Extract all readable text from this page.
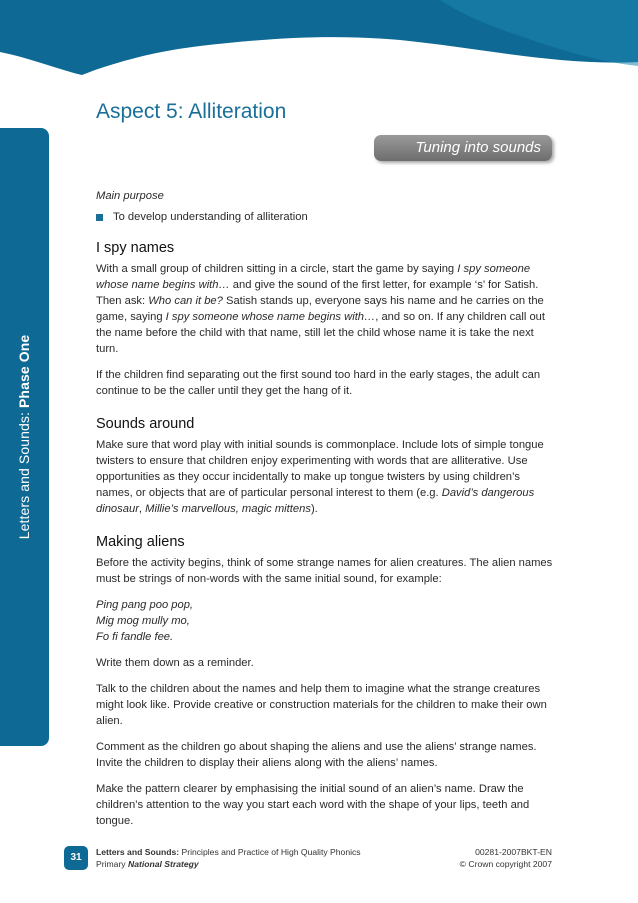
Letters and Sounds: Phase One
Aspect 5: Alliteration
Tuning into sounds

Main purpose

To develop understanding of alliteration
I spy names

With a small group of children sitting in a circle, start the game by saying I spy someone whose name begins with… and give the sound of the first letter, for example ‘s’ for Satish. Then ask: Who can it be? Satish stands up, everyone says his name and he carries on the game, saying I spy someone whose name begins with…, and so on. If any children call out the name before the child with that name, still let the child whose name it is take the next turn.

If the children find separating out the first sound too hard in the early stages, the adult can continue to be the caller until they get the hang of it.

Sounds around

Make sure that word play with initial sounds is commonplace. Include lots of simple tongue twisters to ensure that children enjoy experimenting with words that are alliterative. Use opportunities as they occur incidentally to make up tongue twisters by using children’s names, or objects that are of particular personal interest to them (e.g. David’s dangerous dinosaur, Millie’s marvellous, magic mittens).

Making aliens

Before the activity begins, think of some strange names for alien creatures. The alien names must be strings of non-words with the same initial sound, for example:

Ping pang poo pop,
Mig mog mully mo,
Fo fi fandle fee.

Write them down as a reminder.

Talk to the children about the names and help them to imagine what the strange creatures might look like. Provide creative or construction materials for the children to make their own alien.

Comment as the children go about shaping the aliens and use the aliens’ strange names. Invite the children to display their aliens along with the aliens’ names.

Make the pattern clearer by emphasising the initial sound of an alien’s name. Draw the children’s attention to the way you start each word with the shape of your lips, teeth and tongue.

31	Letters and Sounds: Principles and Practice of High Quality Phonics
Primary National Strategy
00281-2007BKT-EN
© Crown copyright 2007
